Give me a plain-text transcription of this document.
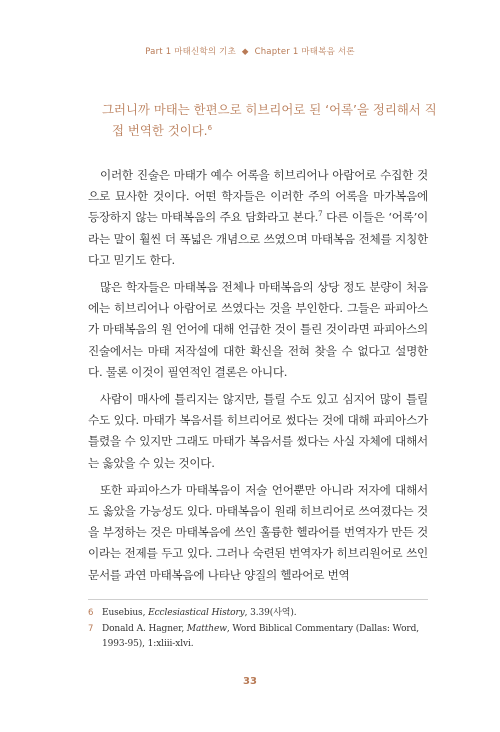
Part 1 마태신학의 기초 ◆ Chapter 1 마태복음 서론

그러니까 마태는 한편으로 히브리어로 된 ‘어록’을 정리해서 직

접 번역한 것이다.$^6$

이러한 진술은 마태가 예수 어록을 히브리어나 아람어로 수집한 것으로 묘사한 것이다. 어떤 학자들은 이러한 주의 어록을 마가복음에 등장하지 않는 마태복음의 주요 담화라고 본다.$^7$ 다른 이들은 ‘어록’이라는 말이 훨씬 더 폭넓은 개념으로 쓰였으며 마태복음 전체를 지칭한다고 믿기도 한다.

많은 학자들은 마태복음 전체나 마태복음의 상당 정도 분량이 처음에는 히브리어나 아람어로 쓰였다는 것을 부인한다. 그들은 파피아스가 마태복음의 원 언어에 대해 언급한 것이 틀린 것이라면 파피아스의 진술에서는 마태 저작설에 대한 확신을 전혀 찾을 수 없다고 설명한다. 물론 이것이 필연적인 결론은 아니다.

사람이 매사에 틀리지는 않지만, 틀릴 수도 있고 심지어 많이 틀릴 수도 있다. 마태가 복음서를 히브리어로 썼다는 것에 대해 파피아스가 틀렸을 수 있지만 그래도 마태가 복음서를 썼다는 사실 자체에 대해서는 옳았을 수 있는 것이다.

또한 파피아스가 마태복음이 저술 언어뿐만 아니라 저자에 대해서도 옳았을 가능성도 있다. 마태복음이 원래 히브리어로 쓰여졌다는 것을 부정하는 것은 마태복음에 쓰인 훌륭한 헬라어를 번역자가 만든 것이라는 전제를 두고 있다. 그러나 숙련된 번역자가 히브리원어로 쓰인 문서를 과연 마태복음에 나타난 양질의 헬라어로 번역

6 Eusebius, Ecclesiastical History, 3.39(사역).
7 Donald A. Hagner, Matthew, Word Biblical Commentary (Dallas: Word, 1993-95), 1:xliii-xlvi.
33
